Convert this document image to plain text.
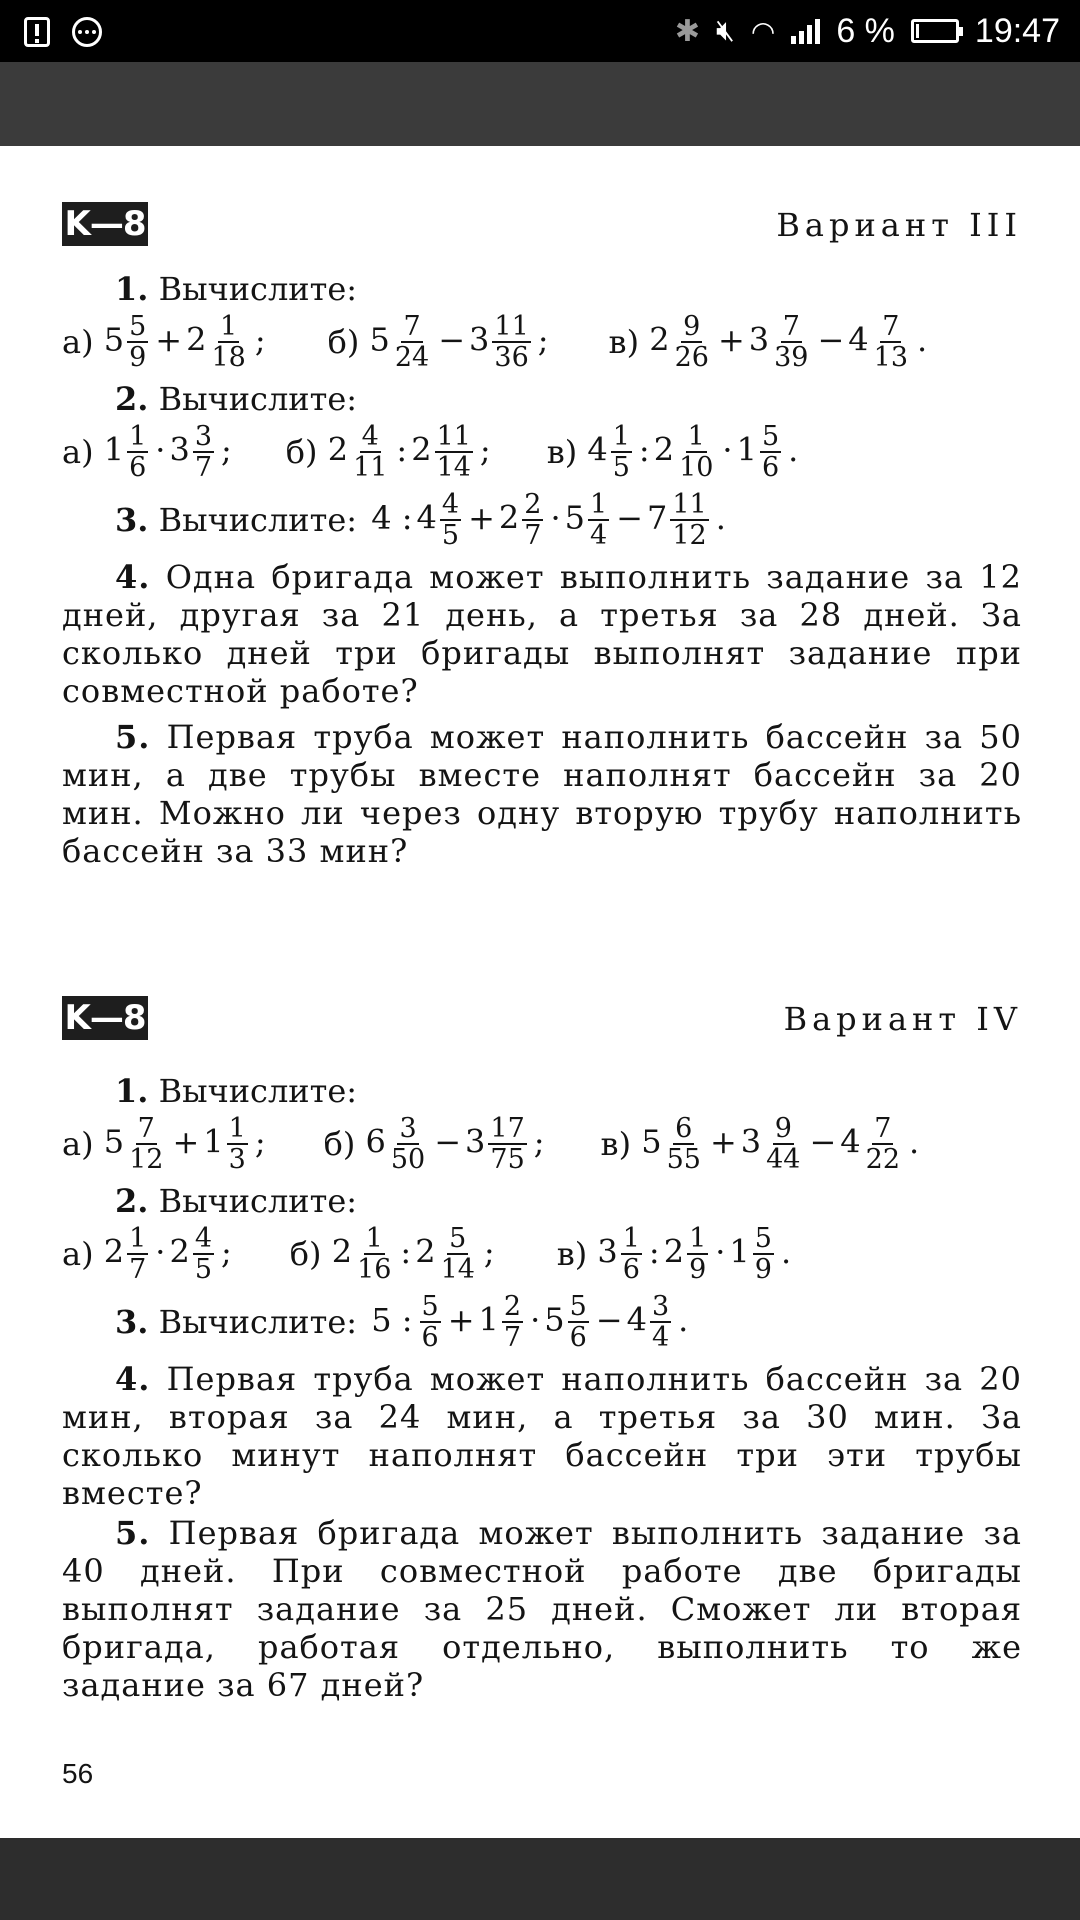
✱ 🔇︎ ◠ 6 % 19:47
K—8	Вариант III
1. Вычислите:
а)
$5 \frac{5}{9} + 2 \frac{1}{18}$ ; б)
$5 \frac{7}{24} - 3 \frac{11}{36}$ ; в)
$2 \frac{9}{26} + 3 \frac{7}{39} - 4 \frac{7}{13}$ .
2. Вычислите:
а)
$1 \frac{1}{6} \cdot 3 \frac{3}{7}$ ; б)
$2 \frac{4}{11}$ : $2 \frac{11}{14}$ ; в)
$4 \frac{1}{5}$ : $2 \frac{1}{10} \cdot 1 \frac{5}{6}$ .
3.
Вычислите:
4 : $4 \frac{4}{5} + 2 \frac{2}{7} \cdot 5 \frac{1}{4} - 7 \frac{11}{12}$ .
4. Одна бригада может выполнить задание за 12 дней, другая за 21 день, а третья за 28 дней. За сколько дней три бригады выполнят задание при совместной работе?
5. Первая труба может наполнить бассейн за 50 мин, а две трубы вместе наполнят бассейн за 20 мин. Можно ли через одну вторую трубу наполнить бассейн за 33 мин?
K—8	Вариант IV
1. Вычислите:
а)
$5 \frac{7}{12} + 1 \frac{1}{3}$ ; б)
$6 \frac{3}{50} - 3 \frac{17}{75}$ ; в)
$5 \frac{6}{55} + 3 \frac{9}{44} - 4 \frac{7}{22}$ .
2. Вычислите:
а)
$2 \frac{1}{7} \cdot 2 \frac{4}{5}$ ; б)
$2 \frac{1}{16}$ : $2 \frac{5}{14}$ ; в)
$3 \frac{1}{6}$ : $2 \frac{1}{9} \cdot 1 \frac{5}{9}$ .
3.
Вычислите:
5 : $\frac{5}{6} + 1 \frac{2}{7} \cdot 5 \frac{5}{6} - 4 \frac{3}{4}$ .
4. Первая труба может наполнить бассейн за 20 мин, вторая за 24 мин, а третья за 30 мин. За сколько минут наполнят бассейн три эти трубы вместе?
5. Первая бригада может выполнить задание за 40 дней. При совместной работе две бригады выполнят задание за 25 дней. Сможет ли вторая бригада, работая отдельно, выполнить то же задание за 67 дней?
56
